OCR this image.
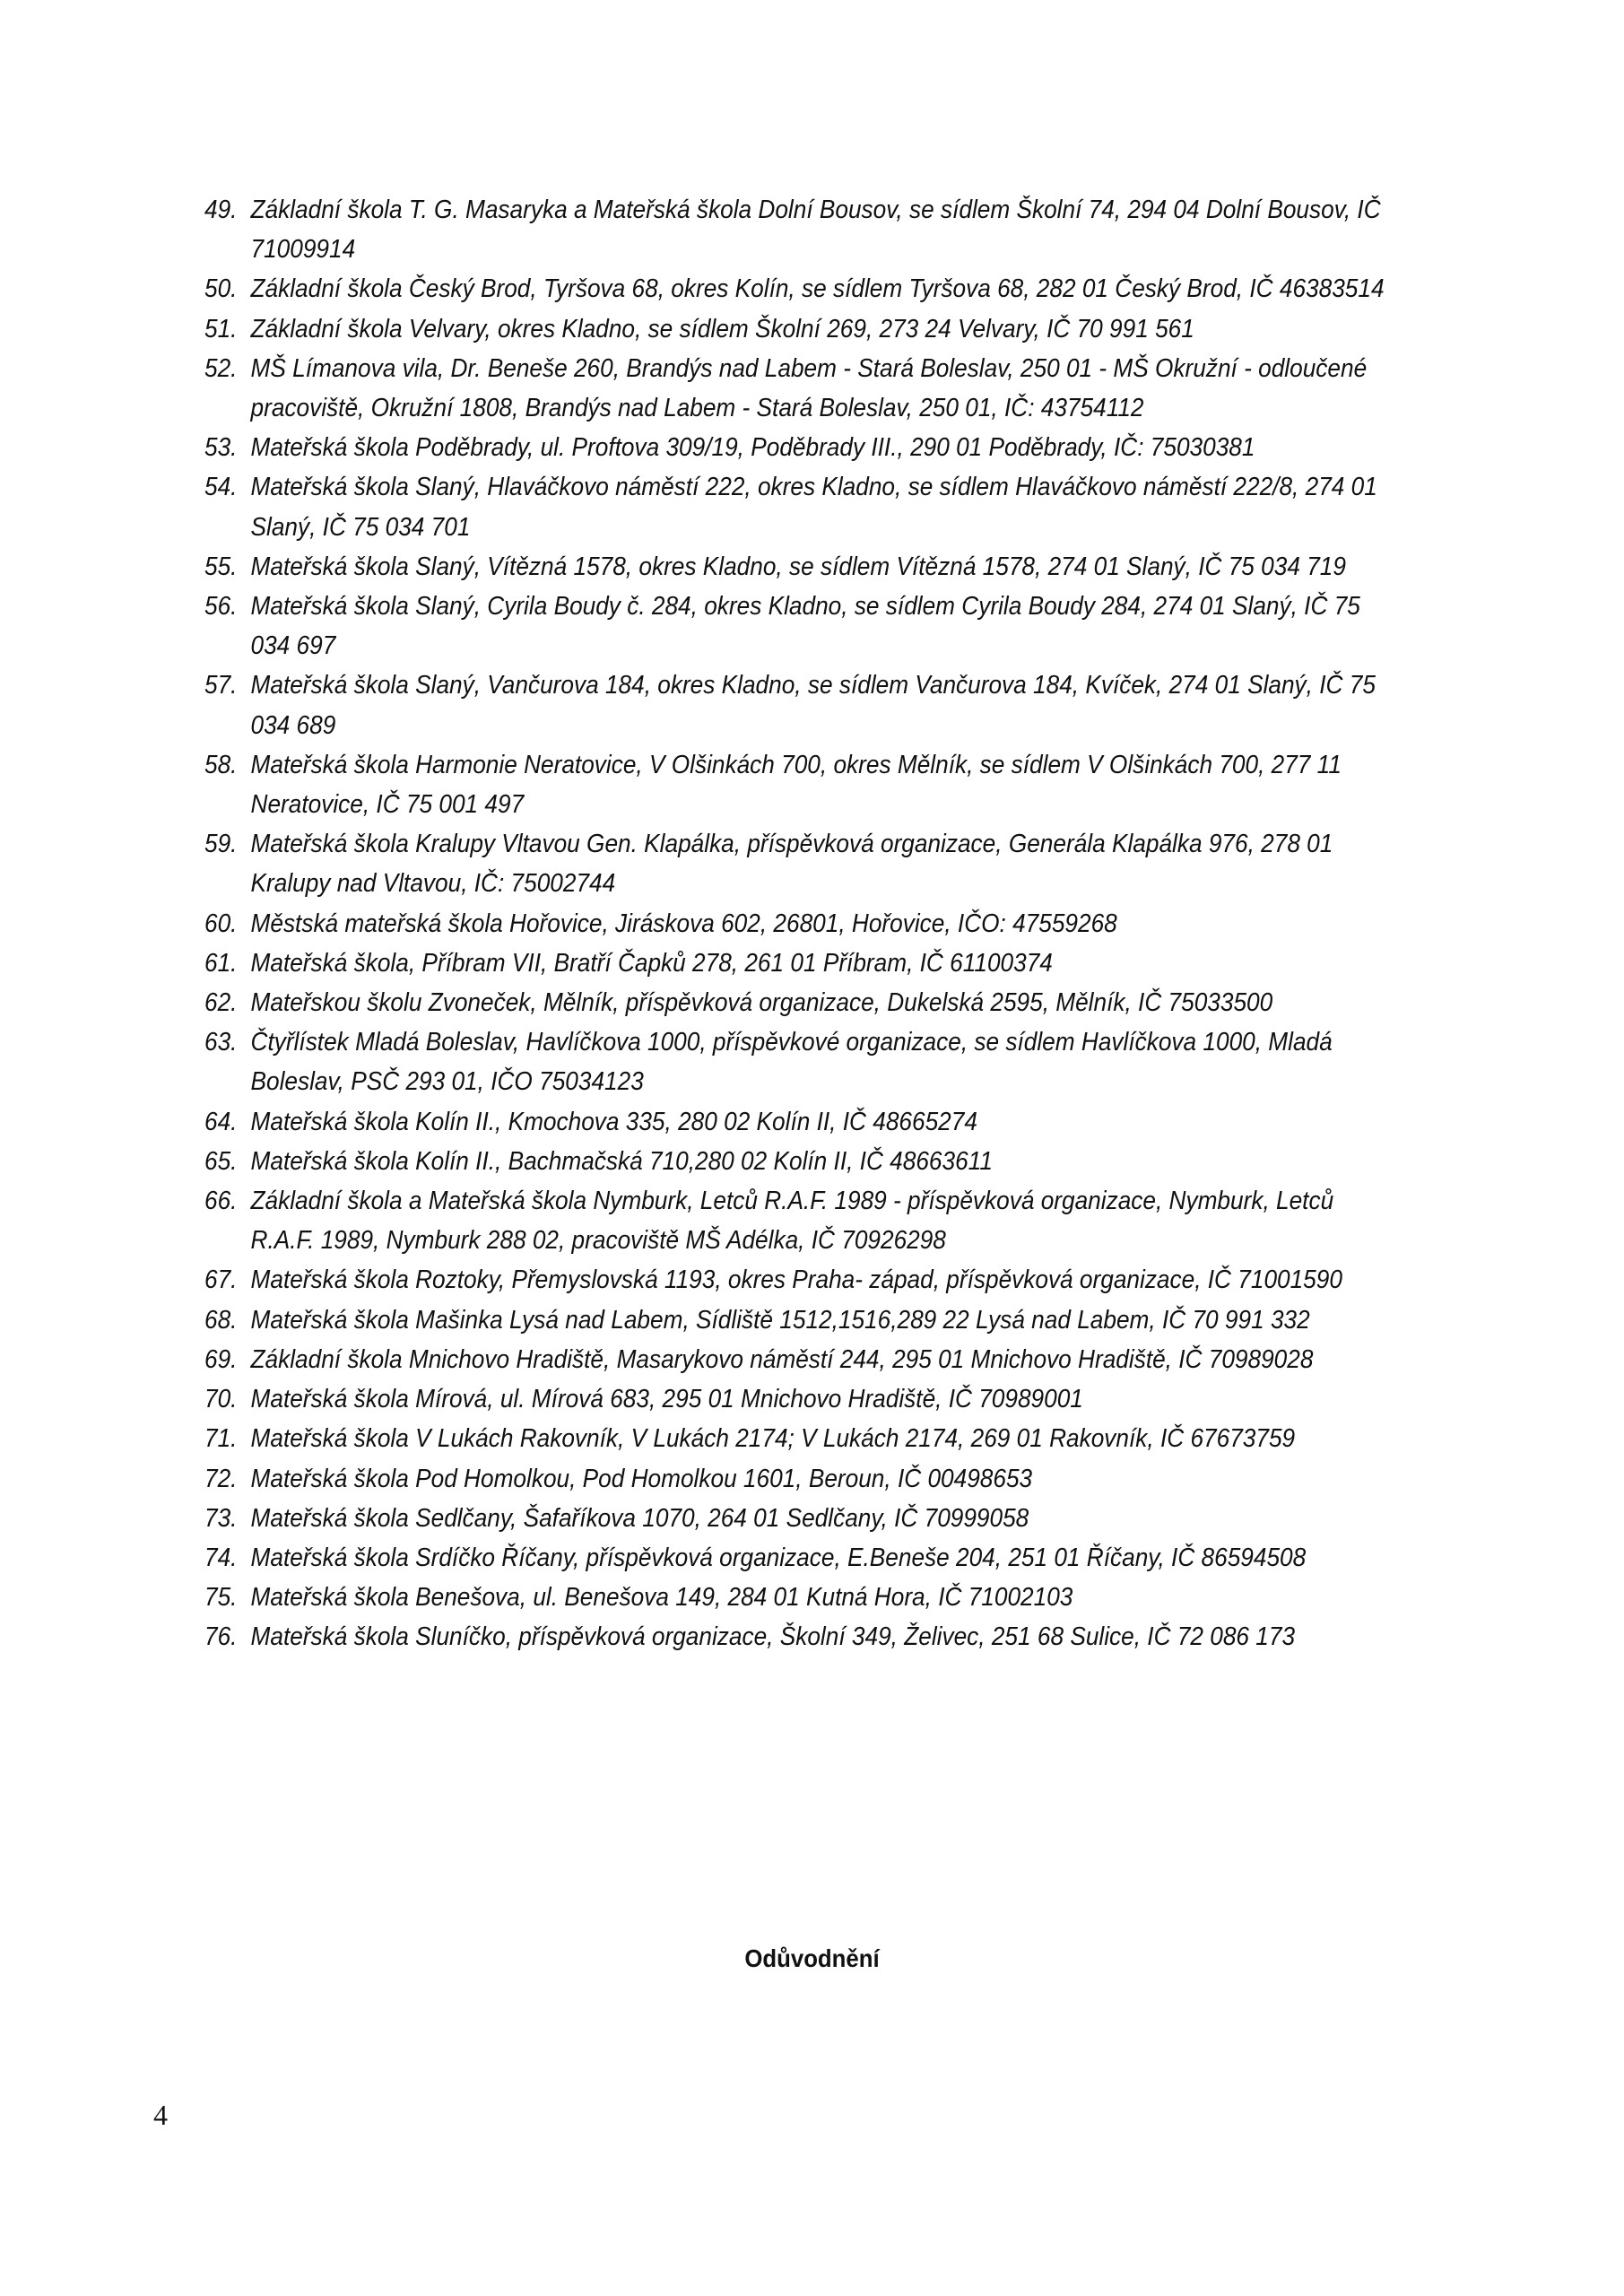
49. Základní škola T. G. Masaryka a Mateřská škola Dolní Bousov, se sídlem Školní 74, 294 04 Dolní Bousov, IČ 71009914
50. Základní škola Český Brod, Tyršova 68, okres Kolín, se sídlem Tyršova 68, 282 01 Český Brod, IČ 46383514
51. Základní škola Velvary, okres Kladno, se sídlem Školní 269, 273 24 Velvary, IČ 70 991 561
52. MŠ Límanova vila, Dr. Beneše 260, Brandýs nad Labem - Stará Boleslav, 250 01 - MŠ Okružní - odloučené pracoviště, Okružní 1808, Brandýs nad Labem - Stará Boleslav, 250 01, IČ: 43754112
53. Mateřská škola Poděbrady, ul. Proftova 309/19, Poděbrady III., 290 01 Poděbrady, IČ: 75030381
54. Mateřská škola Slaný, Hlaváčkovo náměstí 222, okres Kladno, se sídlem Hlaváčkovo náměstí 222/8, 274 01 Slaný, IČ 75 034 701
55. Mateřská škola Slaný, Vítězná 1578, okres Kladno, se sídlem Vítězná 1578, 274 01 Slaný, IČ 75 034 719
56. Mateřská škola Slaný, Cyrila Boudy č. 284, okres Kladno, se sídlem Cyrila Boudy 284, 274 01 Slaný, IČ 75 034 697
57. Mateřská škola Slaný, Vančurova 184, okres Kladno, se sídlem Vančurova 184, Kvíček, 274 01 Slaný, IČ 75 034 689
58. Mateřská škola Harmonie Neratovice, V Olšinkách 700, okres Mělník, se sídlem V Olšinkách 700, 277 11 Neratovice, IČ 75 001 497
59. Mateřská škola Kralupy Vltavou Gen. Klapálka, příspěvková organizace, Generála Klapálka 976, 278 01 Kralupy nad Vltavou, IČ: 75002744
60. Městská mateřská škola Hořovice, Jiráskova 602, 26801, Hořovice, IČO: 47559268
61. Mateřská škola, Příbram VII, Bratří Čapků 278, 261 01 Příbram, IČ 61100374
62. Mateřskou školu Zvoneček, Mělník, příspěvková organizace, Dukelská 2595, Mělník, IČ 75033500
63. Čtyřlístek Mladá Boleslav, Havlíčkova 1000, příspěvkové organizace, se sídlem Havlíčkova 1000, Mladá Boleslav, PSČ 293 01, IČO 75034123
64. Mateřská škola Kolín II., Kmochova 335, 280 02 Kolín II, IČ 48665274
65. Mateřská škola Kolín II., Bachmačská 710,280 02 Kolín II, IČ 48663611
66. Základní škola a Mateřská škola Nymburk, Letců R.A.F. 1989 - příspěvková organizace, Nymburk, Letců R.A.F. 1989, Nymburk 288 02, pracoviště MŠ Adélka, IČ 70926298
67. Mateřská škola Roztoky, Přemyslovská 1193, okres Praha- západ, příspěvková organizace, IČ 71001590
68. Mateřská škola Mašinka Lysá nad Labem, Sídliště 1512,1516,289 22 Lysá nad Labem, IČ 70 991 332
69. Základní škola Mnichovo Hradiště, Masarykovo náměstí 244, 295 01 Mnichovo Hradiště, IČ 70989028
70. Mateřská škola Mírová, ul. Mírová 683, 295 01 Mnichovo Hradiště, IČ 70989001
71. Mateřská škola V Lukách Rakovník, V Lukách 2174; V Lukách 2174, 269 01 Rakovník, IČ 67673759
72. Mateřská škola Pod Homolkou, Pod Homolkou 1601, Beroun, IČ 00498653
73. Mateřská škola Sedlčany, Šafaříkova 1070, 264 01 Sedlčany, IČ 70999058
74. Mateřská škola Srdíčko Říčany, příspěvková organizace, E.Beneše 204, 251 01 Říčany, IČ 86594508
75. Mateřská škola Benešova, ul. Benešova 149, 284 01 Kutná Hora, IČ 71002103
76. Mateřská škola Sluníčko, příspěvková organizace, Školní 349, Želivec, 251 68 Sulice, IČ 72 086 173
Odůvodnění
4
